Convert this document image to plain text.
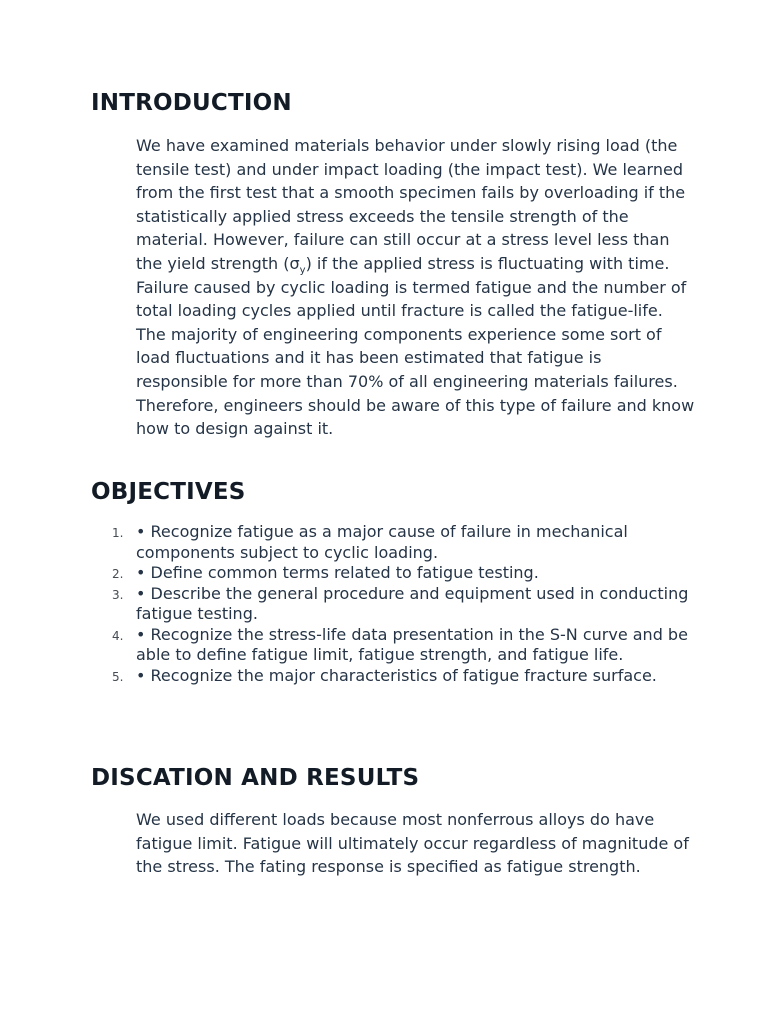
INTRODUCTION

We have examined materials behavior under slowly rising load (the tensile test) and under impact loading (the impact test). We learned from the first test that a smooth specimen fails by overloading if the statistically applied stress exceeds the tensile strength of the material. However, failure can still occur at a stress level less than the yield strength $(\sigma_y)$ if the applied stress is fluctuating with time. Failure caused by cyclic loading is termed fatigue and the number of total loading cycles applied until fracture is called the fatigue-life. The majority of engineering components experience some sort of load fluctuations and it has been estimated that fatigue is responsible for more than 70% of all engineering materials failures. Therefore, engineers should be aware of this type of failure and know how to design against it.

OBJECTIVES
1. • Recognize fatigue as a major cause of failure in mechanical components subject to cyclic loading.
2. • Define common terms related to fatigue testing.
3. • Describe the general procedure and equipment used in conducting fatigue testing.
4. • Recognize the stress-life data presentation in the S-N curve and be able to define fatigue limit, fatigue strength, and fatigue life.
5. • Recognize the major characteristics of fatigue fracture surface.
DISCATION AND RESULTS

We used different loads because most nonferrous alloys do have fatigue limit. Fatigue will ultimately occur regardless of magnitude of the stress. The fating response is specified as fatigue strength.
